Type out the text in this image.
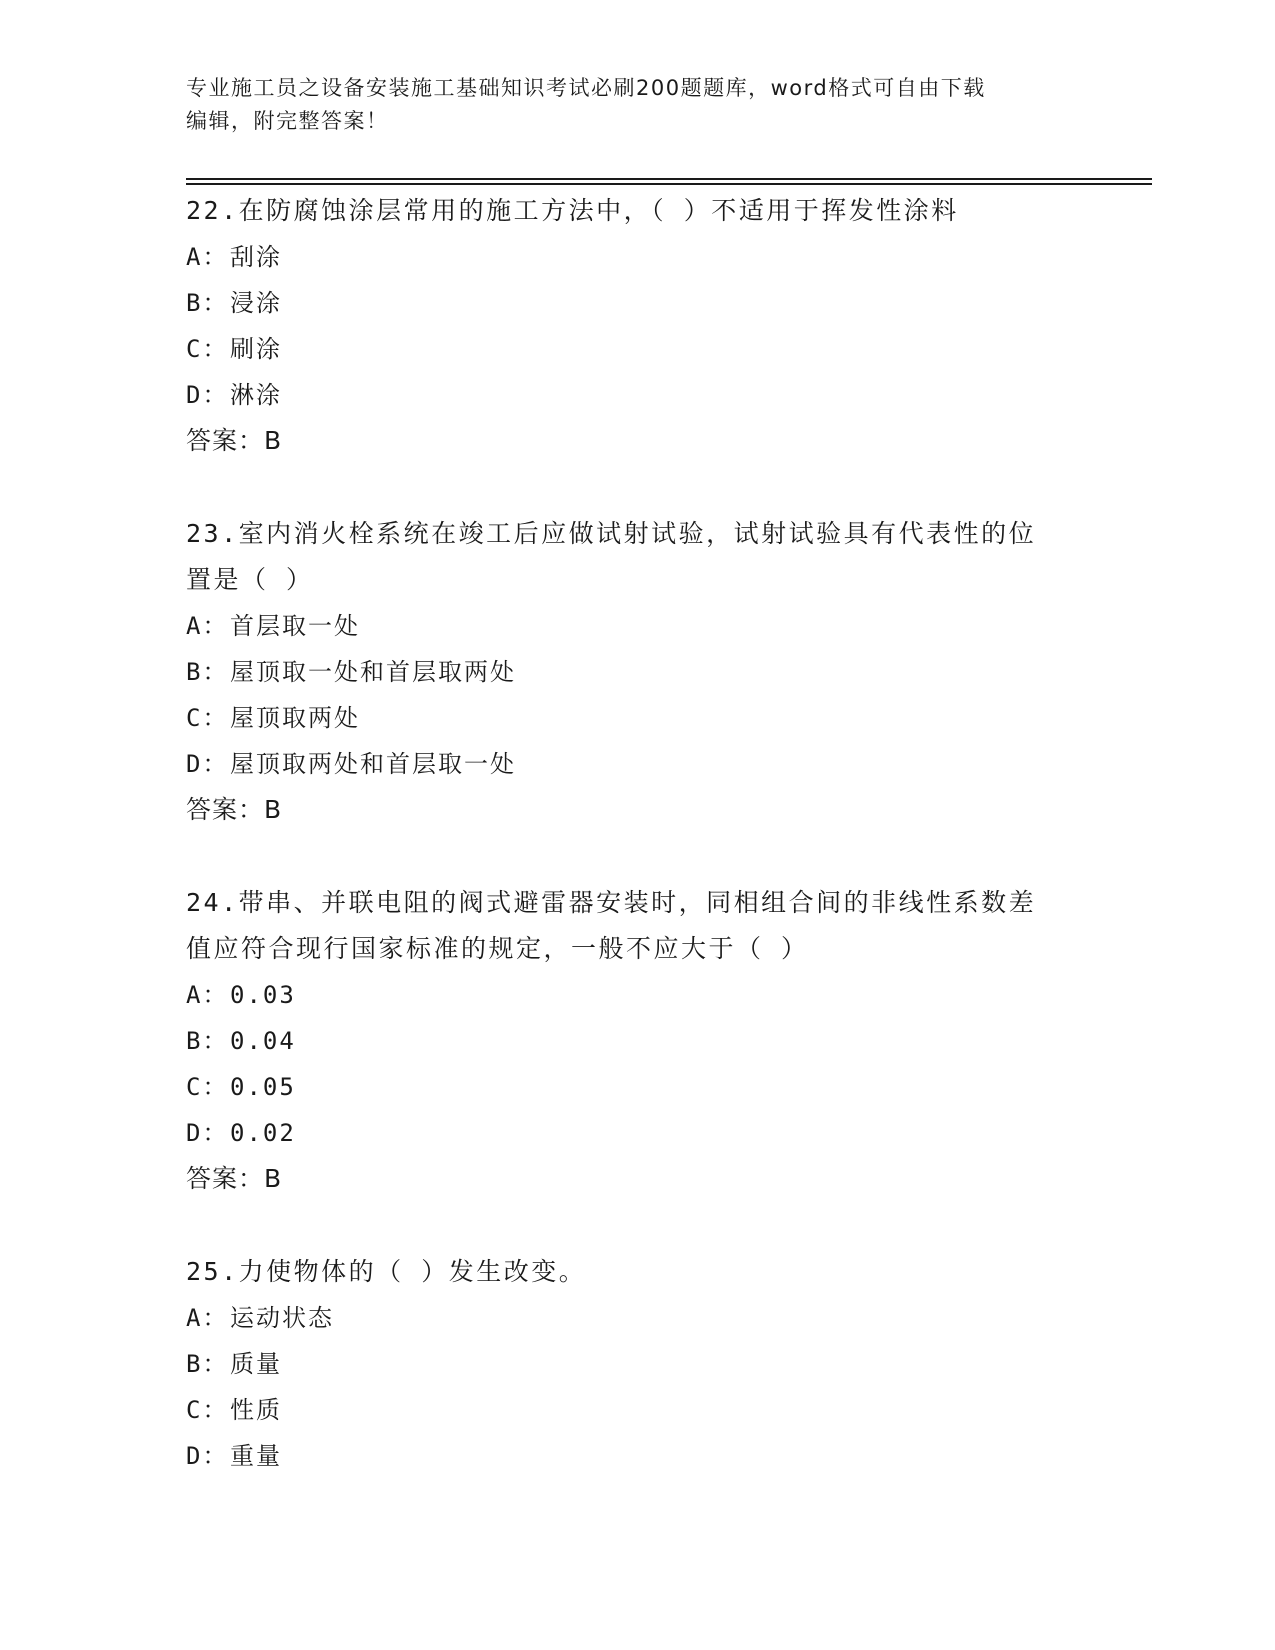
专业施工员之设备安装施工基础知识考试必刷200题题库，word格式可自由下载
编辑，附完整答案！
22.在防腐蚀涂层常用的施工方法中，（ ）不适用于挥发性涂料
A： 刮涂
B： 浸涂
C： 刷涂
D： 淋涂
答案：B
23.室内消火栓系统在竣工后应做试射试验，试射试验具有代表性的位
置是（ ）
A： 首层取一处
B： 屋顶取一处和首层取两处
C： 屋顶取两处
D： 屋顶取两处和首层取一处
答案：B
24.带串、并联电阻的阀式避雷器安装时，同相组合间的非线性系数差
值应符合现行国家标准的规定，一般不应大于（ ）
A： 0.03
B： 0.04
C： 0.05
D： 0.02
答案：B
25.力使物体的（ ）发生改变。
A： 运动状态
B： 质量
C： 性质
D： 重量
